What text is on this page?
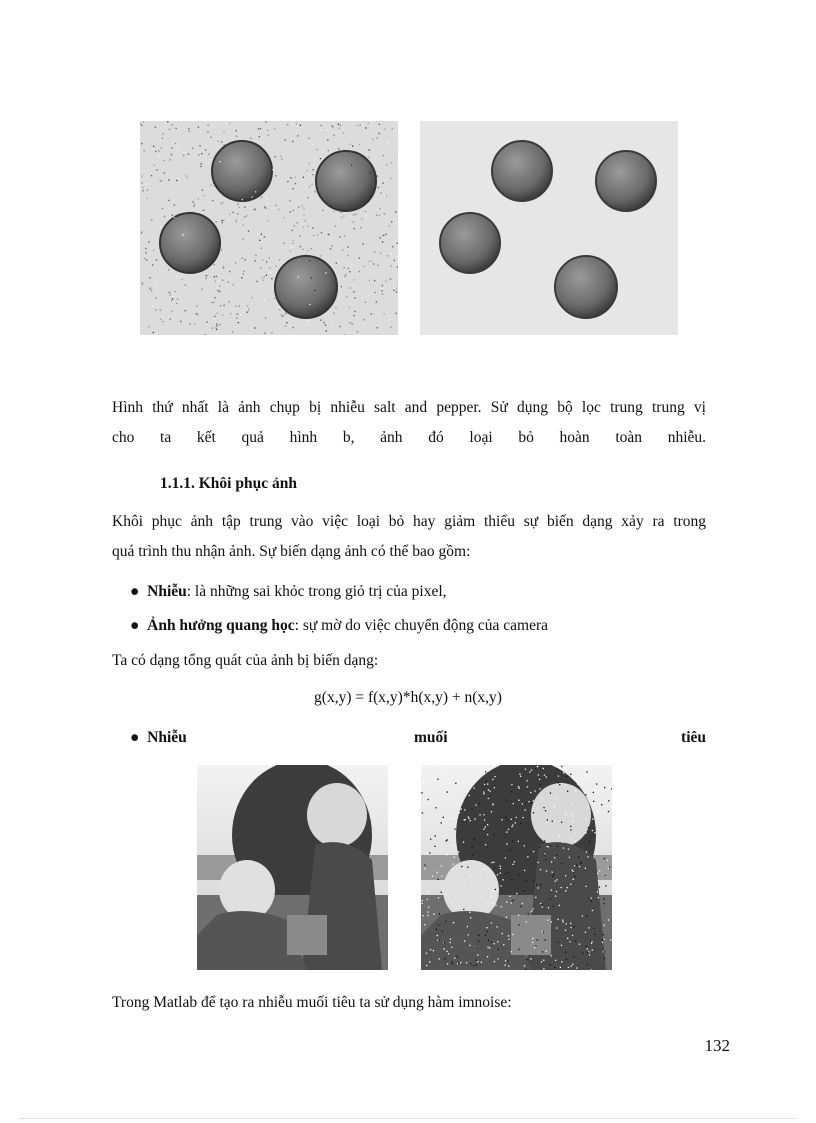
Hình thứ nhất là ảnh chụp bị nhiễu salt and pepper. Sử dụng bộ lọc trung trung vị
cho ta kết quả hình b, ảnh đó loại bỏ hoàn toàn nhiễu.
1.1.1. Khôi phục ảnh
Khôi phục ảnh tập trung vào việc loại bỏ hay giảm thiểu sự biến dạng xảy ra trong
quá trình thu nhận ảnh. Sự biến dạng ảnh có thể bao gồm:
● Nhiễu: là những sai khỏc trong giỏ trị của pixel,
● Ảnh hưởng quang học: sự mờ do việc chuyển động của camera
Ta có dạng tổng quát của ảnh bị biến dạng:
g(x,y) = f(x,y)*h(x,y) + n(x,y)
● Nhiễu	muối	tiêu
Trong Matlab để tạo ra nhiễu muối tiêu ta sử dụng hàm imnoise:
132
